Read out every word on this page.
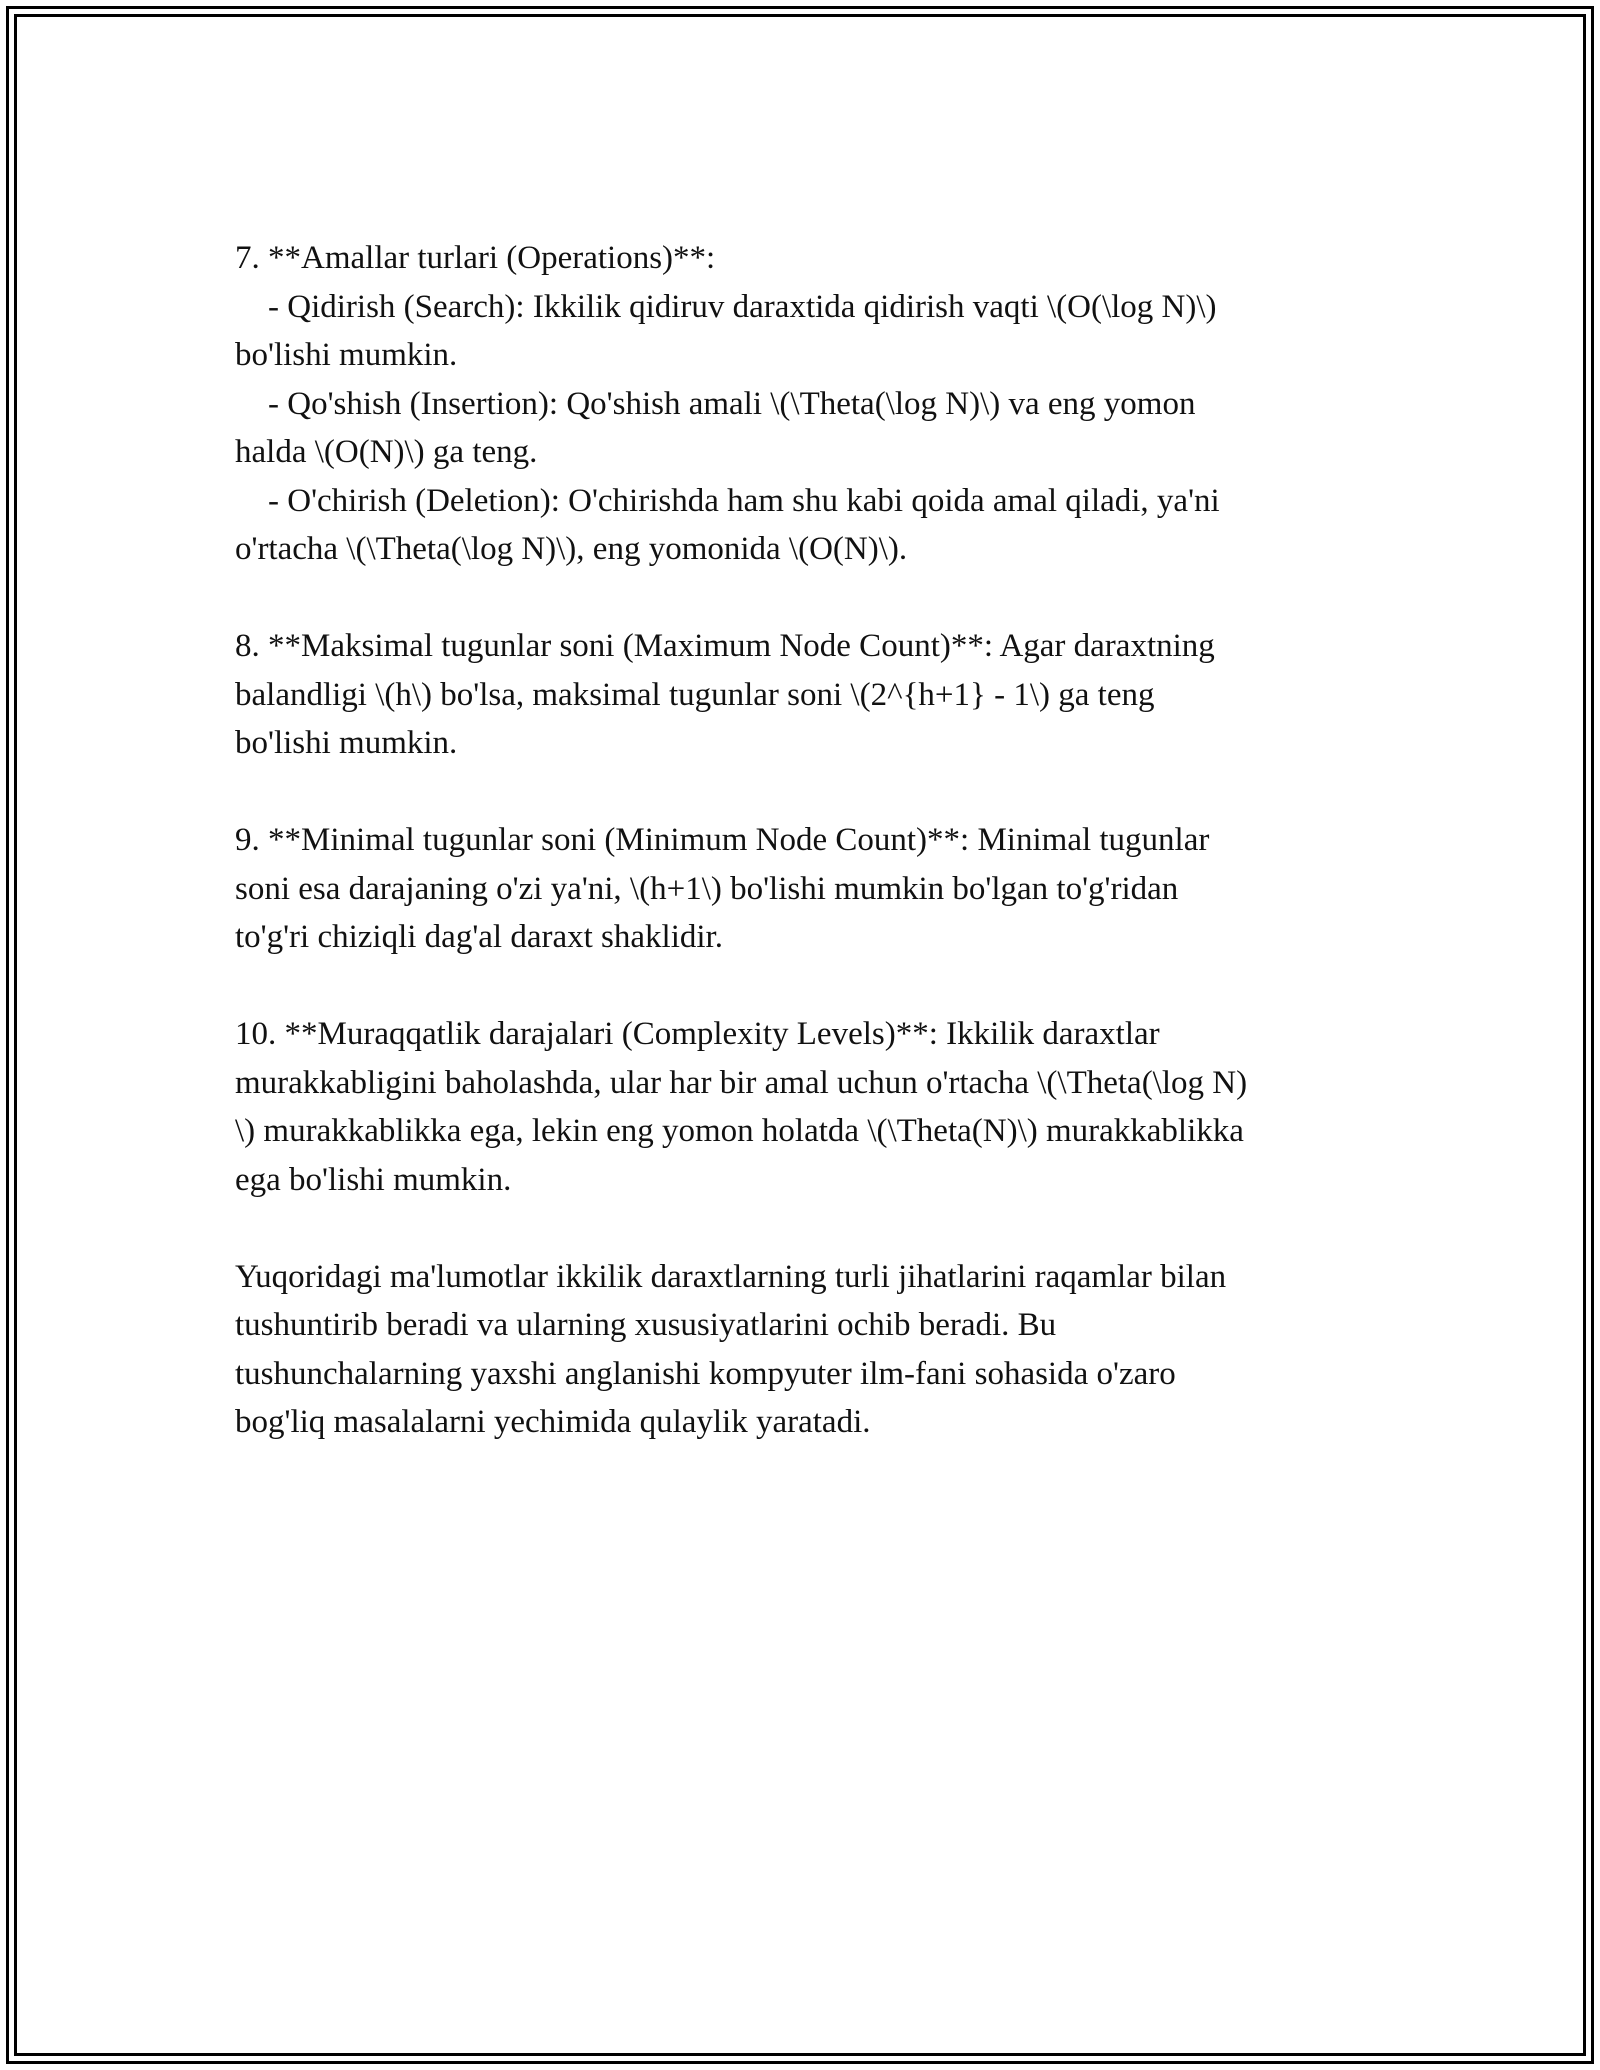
7. **Amallar turlari (Operations)**:
- Qidirish (Search): Ikkilik qidiruv daraxtida qidirish vaqti \(O(\log N)\)
bo'lishi mumkin.
- Qo'shish (Insertion): Qo'shish amali \(\Theta(\log N)\) va eng yomon
halda \(O(N)\) ga teng.
- O'chirish (Deletion): O'chirishda ham shu kabi qoida amal qiladi, ya'ni
o'rtacha \(\Theta(\log N)\), eng yomonida \(O(N)\).
8. **Maksimal tugunlar soni (Maximum Node Count)**: Agar daraxtning
balandligi \(h\) bo'lsa, maksimal tugunlar soni \(2^{h+1} - 1\) ga teng
bo'lishi mumkin.
9. **Minimal tugunlar soni (Minimum Node Count)**: Minimal tugunlar
soni esa darajaning o'zi ya'ni, \(h+1\) bo'lishi mumkin bo'lgan to'g'ridan
to'g'ri chiziqli dag'al daraxt shaklidir.
10. **Muraqqatlik darajalari (Complexity Levels)**: Ikkilik daraxtlar
murakkabligini baholashda, ular har bir amal uchun o'rtacha \(\Theta(\log N)
\) murakkablikka ega, lekin eng yomon holatda \(\Theta(N)\) murakkablikka
ega bo'lishi mumkin.
Yuqoridagi ma'lumotlar ikkilik daraxtlarning turli jihatlarini raqamlar bilan
tushuntirib beradi va ularning xususiyatlarini ochib beradi. Bu
tushunchalarning yaxshi anglanishi kompyuter ilm-fani sohasida o'zaro
bog'liq masalalarni yechimida qulaylik yaratadi.
